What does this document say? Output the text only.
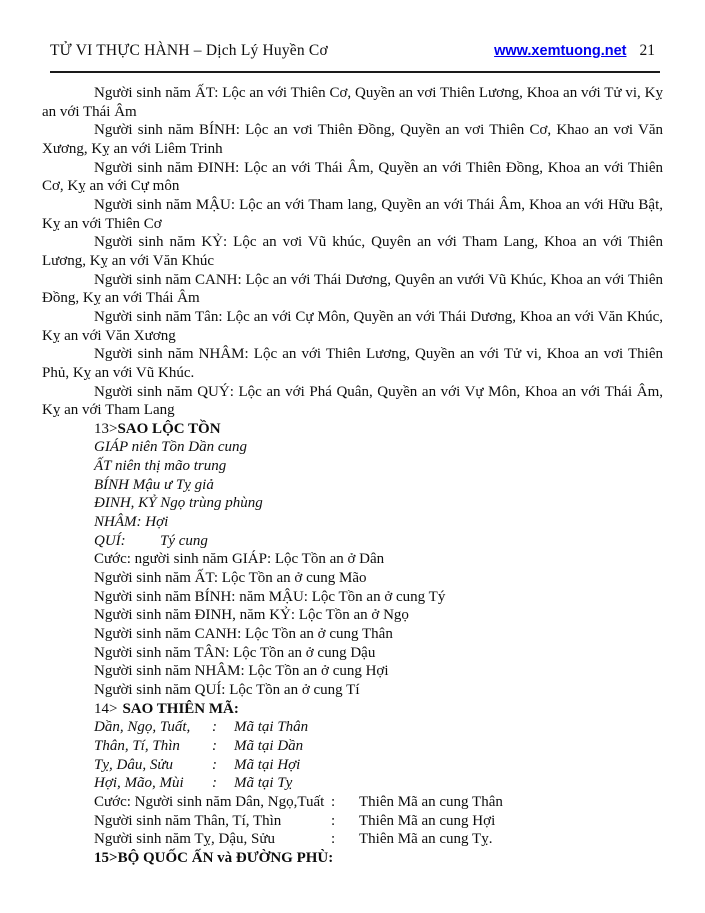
TỬ VI THỰC HÀNH – Dịch Lý Huyền Cơ	www.xemtuong.net 21

Người sinh năm ẤT: Lộc an với Thiên Cơ, Quyền an vơi Thiên Lương, Khoa an với Tử vi, Kỵ an với Thái Âm

Người sinh năm BÍNH: Lộc an vơi Thiên Đồng, Quyền an vơi Thiên Cơ, Khao an vơi Văn Xương, Kỵ an với Liêm Trinh

Người sinh năm ĐINH: Lộc an với Thái Âm, Quyền an với Thiên Đồng, Khoa an với Thiên Cơ, Kỵ an với Cự môn

Người sinh năm MẬU: Lộc an với Tham lang, Quyền an với Thái Âm, Khoa an với Hữu Bật, Kỵ an với Thiên Cơ

Người sinh năm KỶ: Lộc an vơi Vũ khúc, Quyên an với Tham Lang, Khoa an với Thiên Lương, Kỵ an với Văn Khúc

Người sinh năm CANH: Lộc an với Thái Dương, Quyên an vưới Vũ Khúc, Khoa an với Thiên Đồng, Kỵ an với Thái Âm

Người sinh năm Tân: Lộc an với Cự Môn, Quyền an với Thái Dương, Khoa an với Văn Khúc, Kỵ an với Văn Xương

Người sinh năm NHÂM: Lộc an với Thiên Lương, Quyền an với Tử vi, Khoa an vơi Thiên Phủ, Kỵ an với Vũ Khúc.

Người sinh năm QUÝ: Lộc an với Phá Quân, Quyền an với Vự Môn, Khoa an với Thái Âm, Kỵ an với Tham Lang

13>SAO LỘC TỒN
GIÁP niên Tồn Dần cung
ẤT niên thị mão trung
BÍNH Mậu ư Tỵ giả
ĐINH, KỶ Ngọ trùng phùng
NHÂM: Hợi
QUÍ: Tý cung
Cước: người sinh năm GIÁP: Lộc Tồn an ở Dân
Người sinh năm ẤT: Lộc Tồn an ở cung Mão
Người sinh năm BÍNH: năm MẬU: Lộc Tồn an ở cung Tý
Người sinh năm ĐINH, năm KỶ: Lộc Tồn an ở Ngọ
Người sinh năm CANH: Lộc Tồn an ở cung Thân
Người sinh năm TÂN: Lộc Tồn an ở cung Dậu
Người sinh năm NHÂM: Lộc Tồn an ở cung Hợi
Người sinh năm QUÍ: Lộc Tồn an ở cung Tí
14> SAO THIÊN MÃ:
Dần, Ngọ, Tuất, : Mã tại Thân
Thân, Tí, Thìn : Mã tại Dần
Tỵ, Dâu, Sửu	: Mã tại Hợi
Hợi, Mão, Mùi : Mã tại Tỵ
Cước: Người sinh năm Dân, Ngọ,Tuất : Thiên Mã an cung Thân
Người sinh năm Thân, Tí, Thìn	: Thiên Mã an cung Hợi
Người sinh năm Tỵ, Dậu, Sửu	: Thiên Mã an cung Tỵ.
15>BỘ QUỐC ẤN và ĐƯỜNG PHÙ:
